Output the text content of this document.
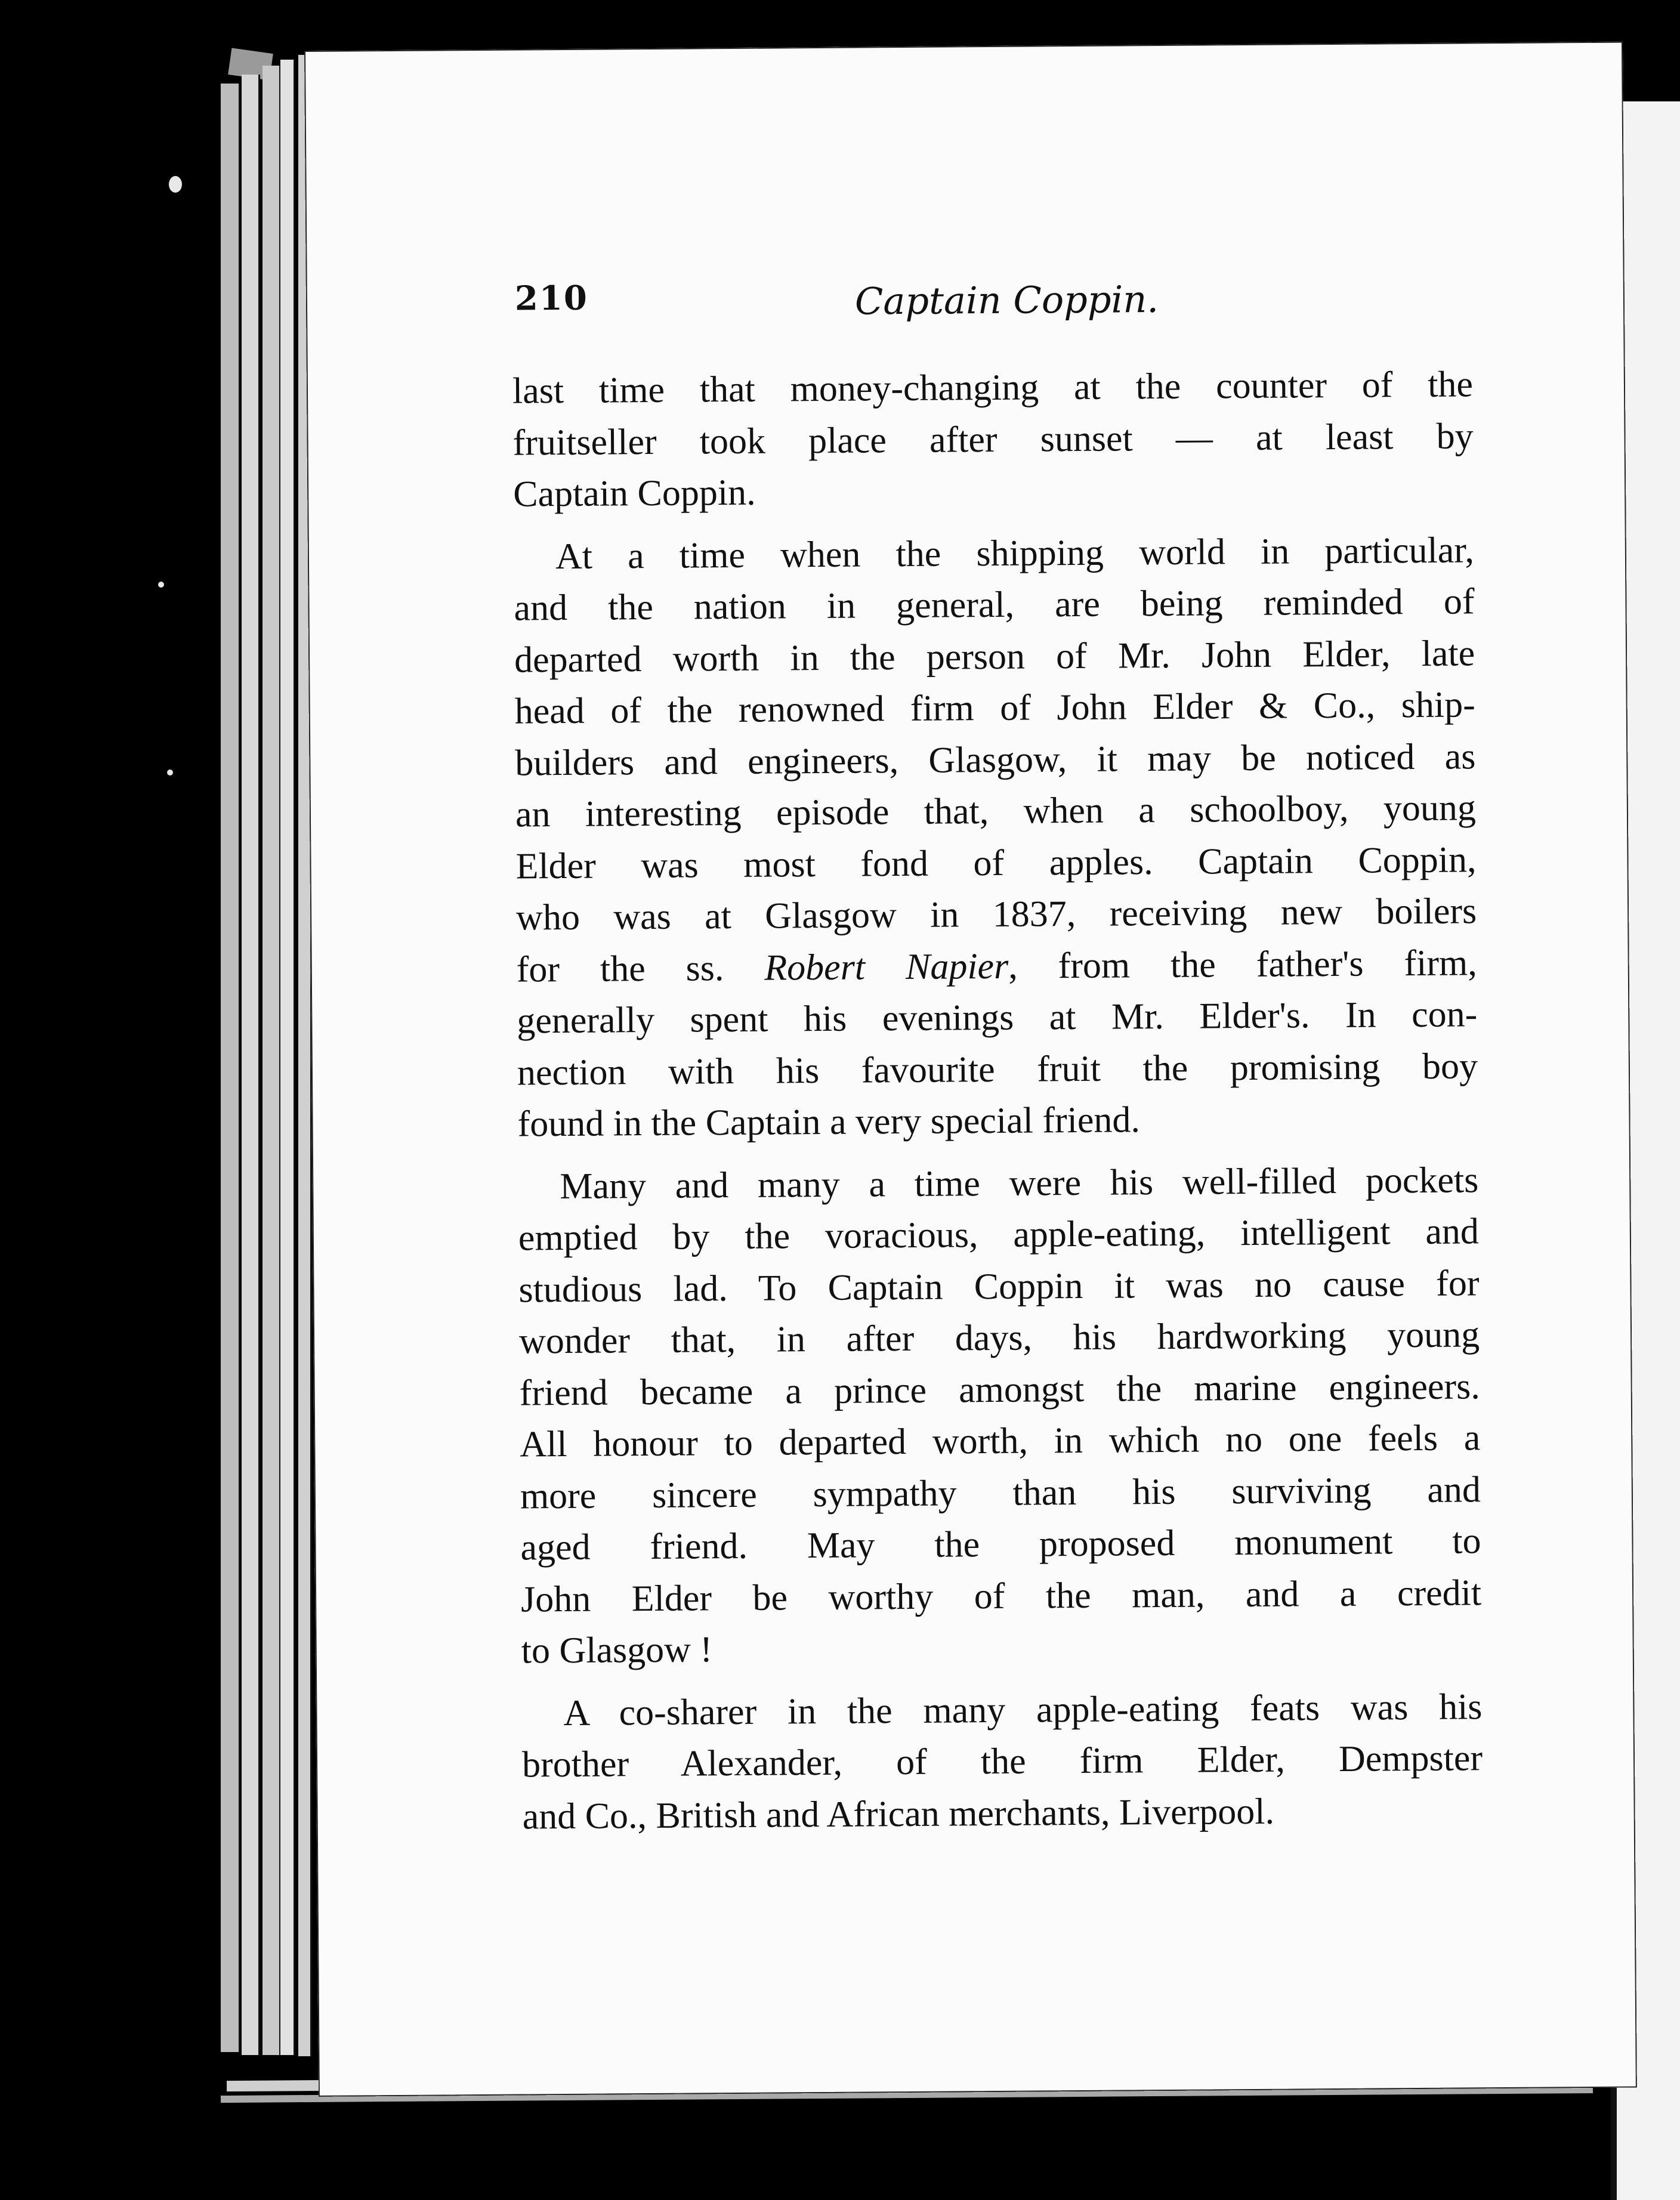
210	Captain Coppin.
last time that money-changing at the counter of the
fruitseller took place after sunset — at least by
Captain Coppin.
At a time when the shipping world in particular,
and the nation in general, are being reminded of
departed worth in the person of Mr. John Elder, late
head of the renowned firm of John Elder & Co., ship-
builders and engineers, Glasgow, it may be noticed as
an interesting episode that, when a schoolboy, young
Elder was most fond of apples. Captain Coppin,
who was at Glasgow in 1837, receiving new boilers
for the ss. Robert Napier, from the father's firm,
generally spent his evenings at Mr. Elder's. In con-
nection with his favourite fruit the promising boy
found in the Captain a very special friend.
Many and many a time were his well-filled pockets
emptied by the voracious, apple-eating, intelligent and
studious lad. To Captain Coppin it was no cause for
wonder that, in after days, his hardworking young
friend became a prince amongst the marine engineers.
All honour to departed worth, in which no one feels a
more sincere sympathy than his surviving and
aged friend. May the proposed monument to
John Elder be worthy of the man, and a credit
to Glasgow !
A co-sharer in the many apple-eating feats was his
brother Alexander, of the firm Elder, Dempster
and Co., British and African merchants, Liverpool.
